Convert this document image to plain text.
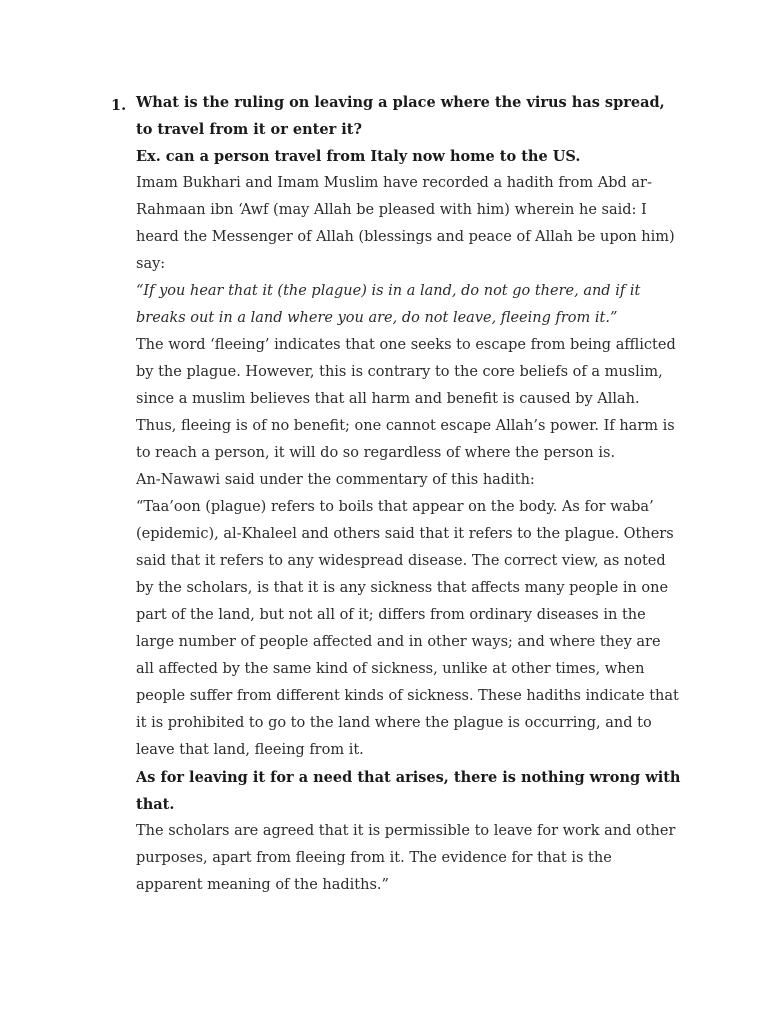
1. What is the ruling on leaving a place where the virus has spread, to travel from it or enter it?

Ex. can a person travel from Italy now home to the US.

Imam Bukhari and Imam Muslim have recorded a hadith from Abd ar-Rahmaan ibn ‘Awf (may Allah be pleased with him) wherein he said: I heard the Messenger of Allah (blessings and peace of Allah be upon him) say:

“If you hear that it (the plague) is in a land, do not go there, and if it breaks out in a land where you are, do not leave, fleeing from it.”

The word ‘fleeing’ indicates that one seeks to escape from being afflicted by the plague. However, this is contrary to the core beliefs of a muslim, since a muslim believes that all harm and benefit is caused by Allah. Thus, fleeing is of no benefit; one cannot escape Allah’s power. If harm is to reach a person, it will do so regardless of where the person is.

An-Nawawi said under the commentary of this hadith:

“Taa’oon (plague) refers to boils that appear on the body. As for waba’ (epidemic), al-Khaleel and others said that it refers to the plague. Others said that it refers to any widespread disease. The correct view, as noted by the scholars, is that it is any sickness that affects many people in one part of the land, but not all of it; differs from ordinary diseases in the large number of people affected and in other ways; and where they are all affected by the same kind of sickness, unlike at other times, when people suffer from different kinds of sickness. These hadiths indicate that it is prohibited to go to the land where the plague is occurring, and to leave that land, fleeing from it.

As for leaving it for a need that arises, there is nothing wrong with that.

The scholars are agreed that it is permissible to leave for work and other purposes, apart from fleeing from it. The evidence for that is the apparent meaning of the hadiths.”
